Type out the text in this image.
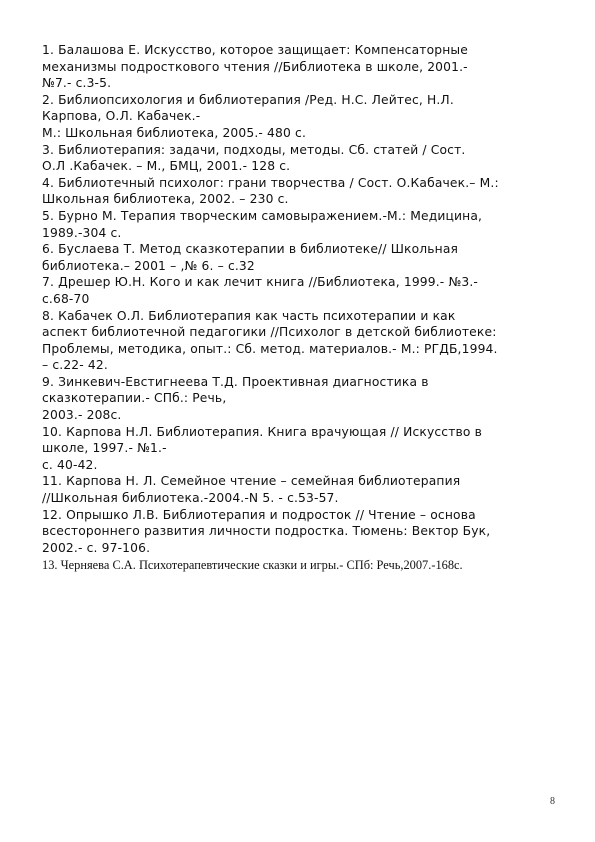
1. Балашова Е. Искусство, которое защищает: Компенсаторные
механизмы подросткового чтения //Библиотека в школе, 2001.-
№7.- с.3-5.
2. Библиопсихология и библиотерапия /Ред. Н.С. Лейтес, Н.Л.
Карпова, О.Л. Кабачек.-
М.: Школьная библиотека, 2005.- 480 с.
3. Библиотерапия: задачи, подходы, методы. Сб. статей / Сост.
О.Л .Кабачек. – М., БМЦ, 2001.- 128 с.
4. Библиотечный психолог: грани творчества / Сост. О.Кабачек.– М.:
Школьная библиотека, 2002. – 230 с.
5. Бурно М. Терапия творческим самовыражением.-М.: Медицина,
1989.-304 с.
6. Буслаева Т. Метод сказкотерапии в библиотеке// Школьная
библиотека.– 2001 – ,№ 6. – с.32
7. Дрешер Ю.Н. Кого и как лечит книга //Библиотека, 1999.- №3.-
с.68-70
8. Кабачек О.Л. Библиотерапия как часть психотерапии и как
аспект библиотечной педагогики //Психолог в детской библиотеке:
Проблемы, методика, опыт.: Сб. метод. материалов.- М.: РГДБ,1994.
– с.22- 42.
9. Зинкевич-Евстигнеева Т.Д. Проективная диагностика в
сказкотерапии.- СПб.: Речь,
2003.- 208с.
10. Карпова Н.Л. Библиотерапия. Книга врачующая // Искусство в
школе, 1997.- №1.-
с. 40-42.
11. Карпова Н. Л. Семейное чтение – семейная библиотерапия
//Школьная библиотека.-2004.-N 5. - с.53-57.
12. Опрышко Л.В. Библиотерапия и подросток // Чтение – основа
всестороннего развития личности подростка. Тюмень: Вектор Бук,
2002.- с. 97-106.
13. Черняева С.А. Психотерапевтические сказки и игры.- СПб: Речь,2007.-168с.
8
